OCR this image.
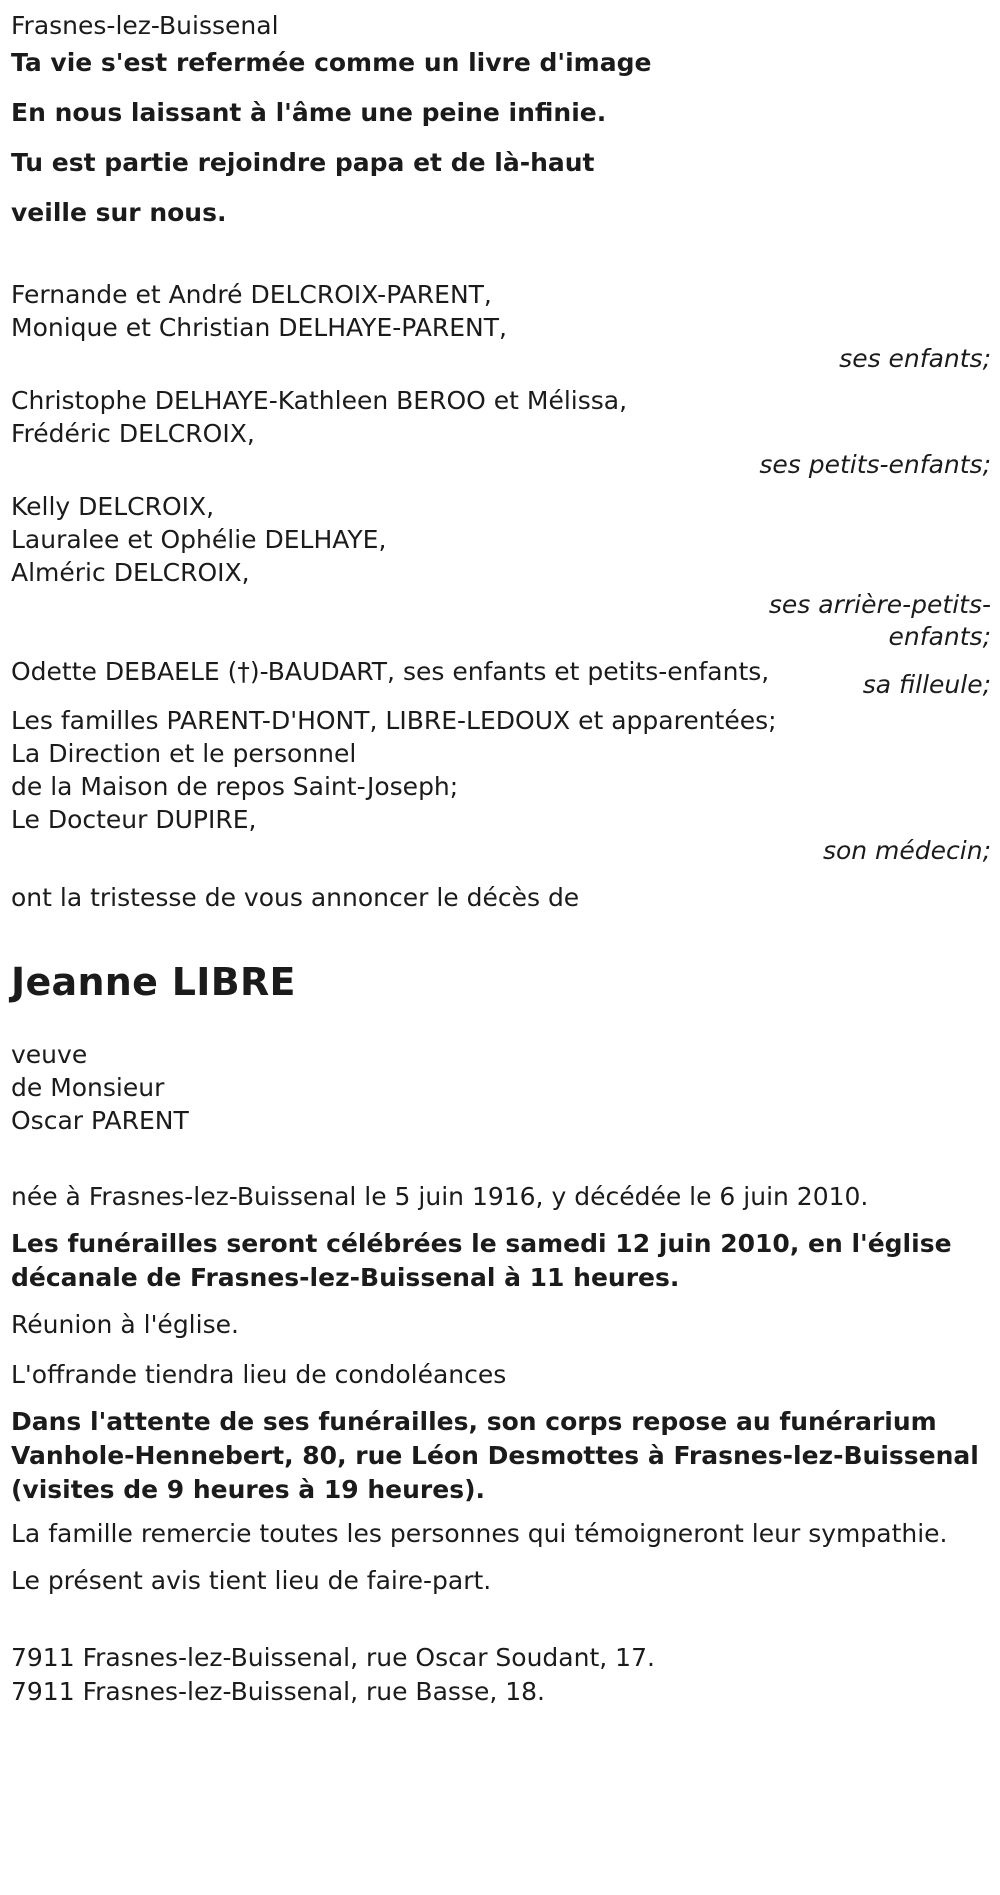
Frasnes-lez-Buissenal

Ta vie s'est refermée comme un livre d'image

En nous laissant à l'âme une peine infinie.

Tu est partie rejoindre papa et de là-haut

veille sur nous.

Fernande et André DELCROIX-PARENT,

Monique et Christian DELHAYE-PARENT,

ses enfants;

Christophe DELHAYE-Kathleen BEROO et Mélissa,

Frédéric DELCROIX,

ses petits-enfants;

Kelly DELCROIX,

Lauralee et Ophélie DELHAYE,

Alméric DELCROIX,

ses arrière-petits-
enfants;

Odette DEBAELE (†)-BAUDART, ses enfants et petits-enfants,	sa filleule;

Les familles PARENT-D'HONT, LIBRE-LEDOUX et apparentées;

La Direction et le personnel

de la Maison de repos Saint-Joseph;

Le Docteur DUPIRE,

son médecin;

ont la tristesse de vous annoncer le décès de

Jeanne LIBRE

veuve

de Monsieur

Oscar PARENT

née à Frasnes-lez-Buissenal le 5 juin 1916, y décédée le 6 juin 2010.

Les funérailles seront célébrées le samedi 12 juin 2010, en l'église décanale de Frasnes-lez-Buissenal à 11 heures.

Réunion à l'église.

L'offrande tiendra lieu de condoléances

Dans l'attente de ses funérailles, son corps repose au funérarium Vanhole-Hennebert, 80, rue Léon Desmottes à Frasnes-lez-Buissenal (visites de 9 heures à 19 heures).

La famille remercie toutes les personnes qui témoigneront leur sympathie.

Le présent avis tient lieu de faire-part.

7911 Frasnes-lez-Buissenal, rue Oscar Soudant, 17.

7911 Frasnes-lez-Buissenal, rue Basse, 18.
